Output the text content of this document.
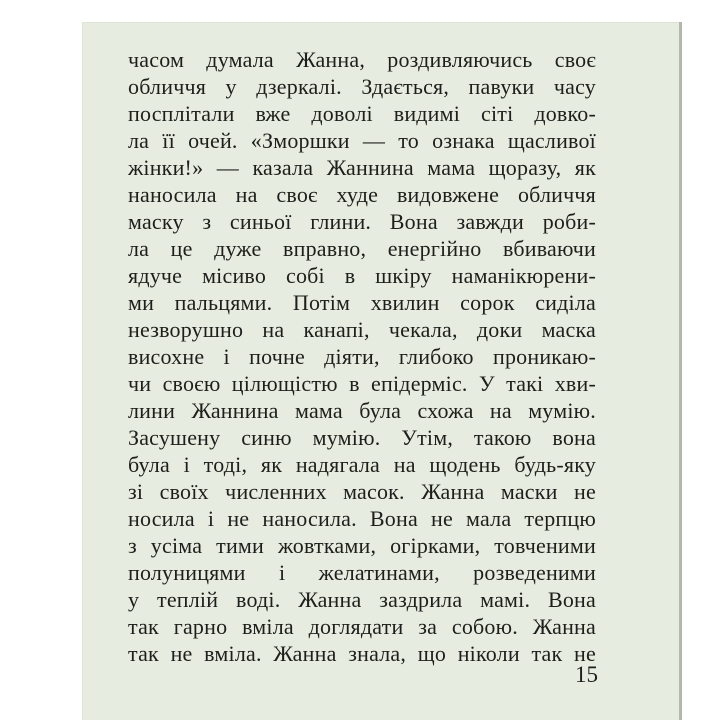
часом думала Жанна, роздивляючись своє
обличчя у дзеркалі. Здається, павуки часу
посплітали вже доволі видимі сіті довко-
ла її очей. «Зморшки — то ознака щасливої
жінки!» — казала Жаннина мама щоразу, як
наносила на своє худе видовжене обличчя
маску з синьої глини. Вона завжди роби-
ла це дуже вправно, енергійно вбиваючи
ядуче місиво собі в шкіру наманікюрени-
ми пальцями. Потім хвилин сорок сиділа
незворушно на канапі, чекала, доки маска
висохне і почне діяти, глибоко проникаю-
чи своєю цілющістю в епідерміс. У такі хви-
лини Жаннина мама була схожа на мумію.
Засушену синю мумію. Утім, такою вона
була і тоді, як надягала на щодень будь-яку
зі своїх численних масок. Жанна маски не
носила і не наносила. Вона не мала терпцю
з усіма тими жовтками, огірками, товченими
полуницями і желатинами, розведеними
у теплій воді. Жанна заздрила мамі. Вона
так гарно вміла доглядати за собою. Жанна
так не вміла. Жанна знала, що ніколи так не
15
